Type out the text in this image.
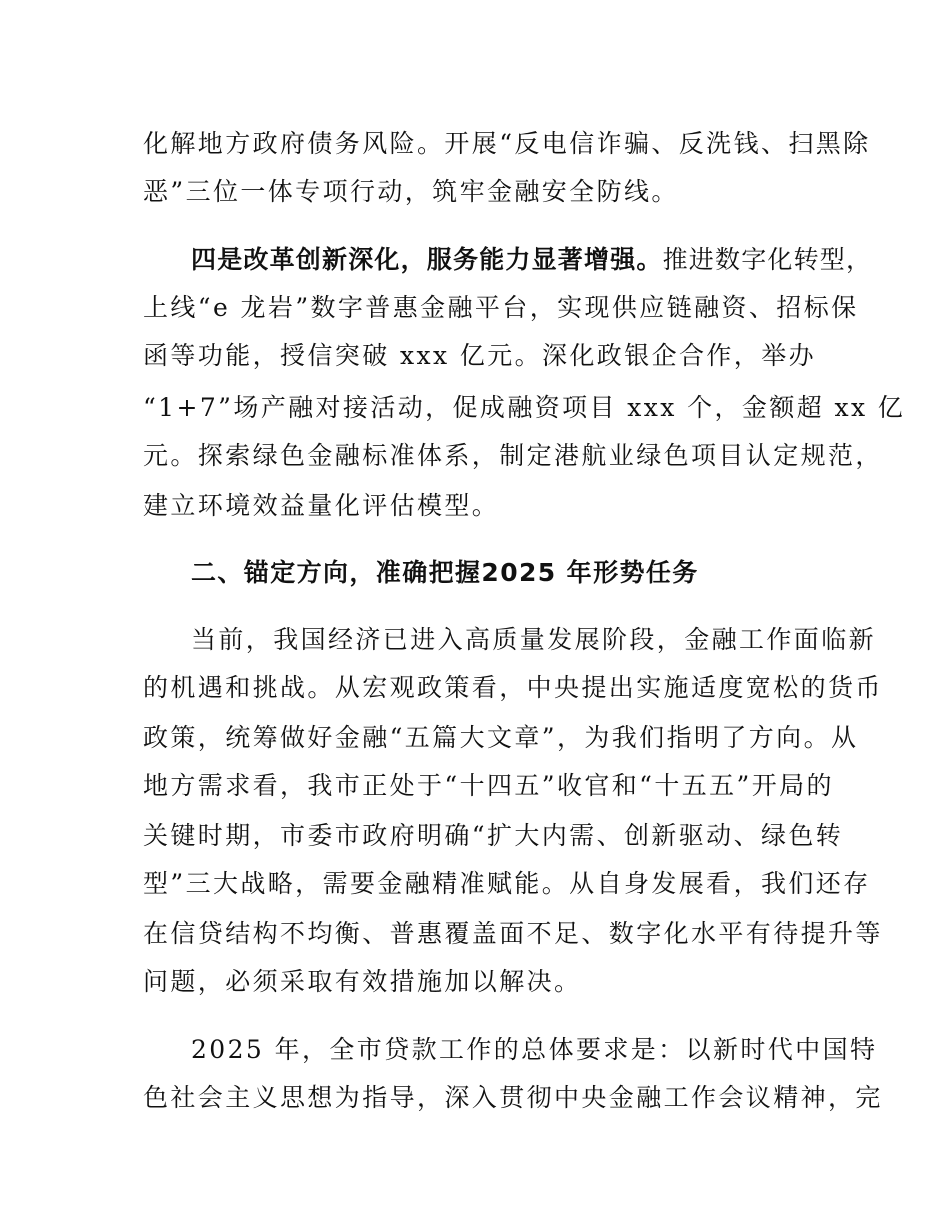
化解地方政府债务风险。开展“反电信诈骗、反洗钱、扫黑除
恶”三位一体专项行动，筑牢金融安全防线。
四是改革创新深化，服务能力显著增强。推进数字化转型，
上线“e 龙岩”数字普惠金融平台，实现供应链融资、招标保
函等功能，授信突破 xxx 亿元。深化政银企合作，举办
“1+7”场产融对接活动，促成融资项目 xxx 个，金额超 xx 亿
元。探索绿色金融标准体系，制定港航业绿色项目认定规范，
建立环境效益量化评估模型。
二、锚定方向，准确把握2025 年形势任务
当前，我国经济已进入高质量发展阶段，金融工作面临新
的机遇和挑战。从宏观政策看，中央提出实施适度宽松的货币
政策，统筹做好金融“五篇大文章”，为我们指明了方向。从
地方需求看，我市正处于“十四五”收官和“十五五”开局的
关键时期，市委市政府明确“扩大内需、创新驱动、绿色转
型”三大战略，需要金融精准赋能。从自身发展看，我们还存
在信贷结构不均衡、普惠覆盖面不足、数字化水平有待提升等
问题，必须采取有效措施加以解决。
2025 年，全市贷款工作的总体要求是：以新时代中国特
色社会主义思想为指导，深入贯彻中央金融工作会议精神，完
